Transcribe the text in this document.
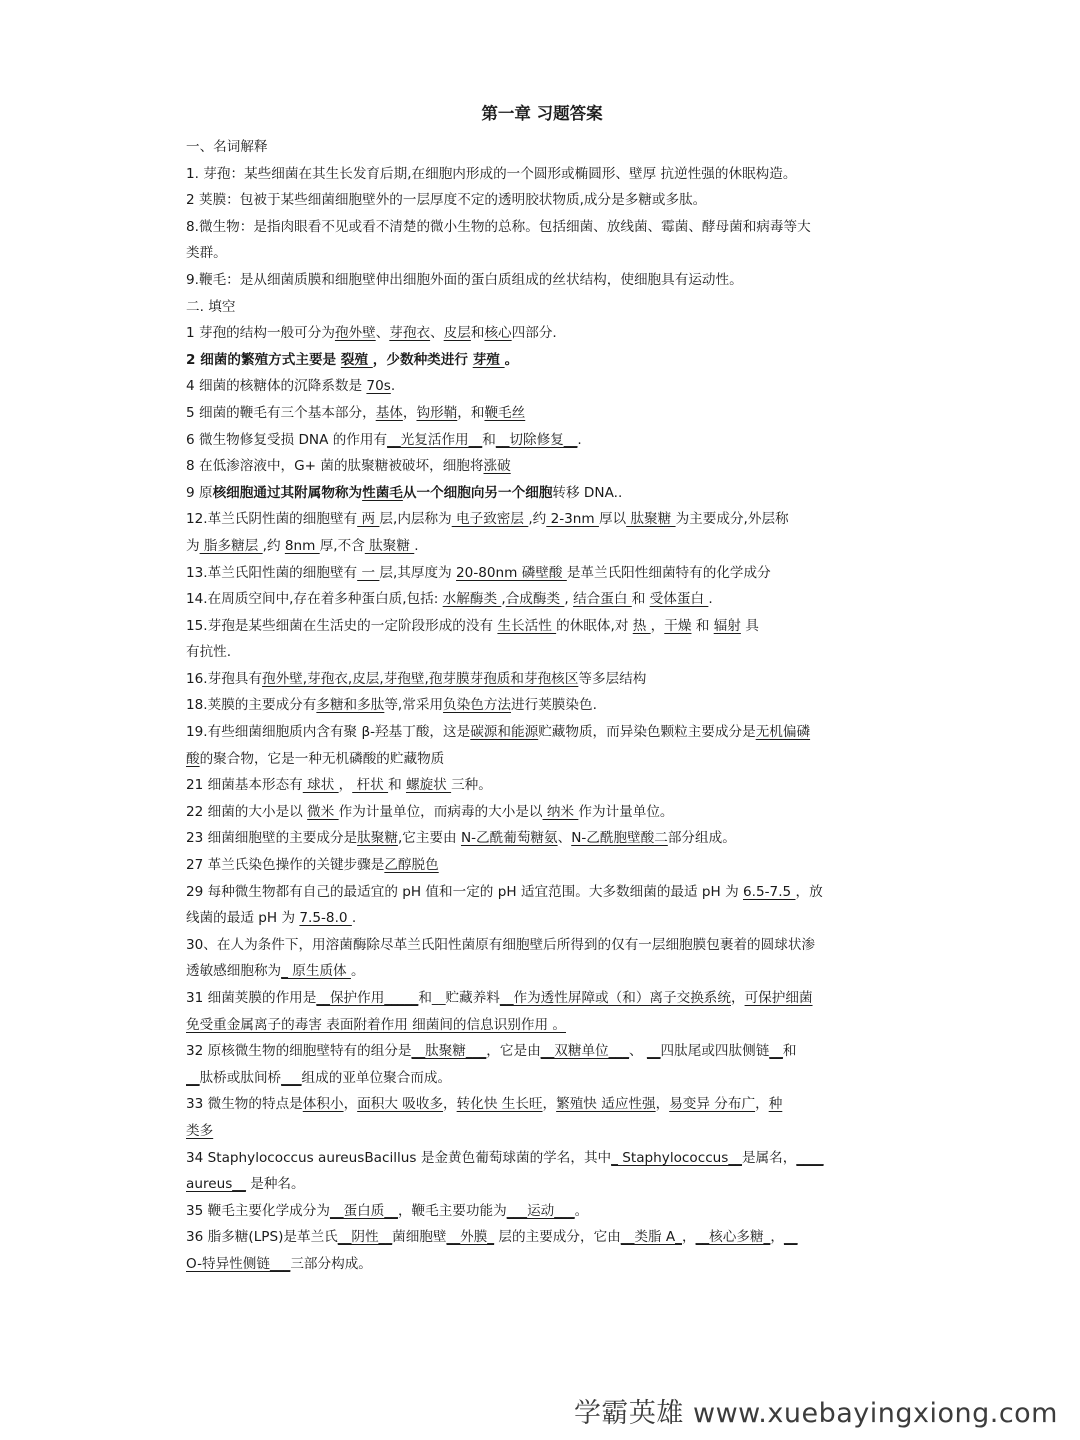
第一章 习题答案
一、名词解释
1. 芽孢：某些细菌在其生长发育后期,在细胞内形成的一个圆形或椭圆形、壁厚 抗逆性强的休眠构造。
2 荚膜：包被于某些细菌细胞壁外的一层厚度不定的透明胶状物质,成分是多糖或多肽。
8.微生物：是指肉眼看不见或看不清楚的微小生物的总称。包括细菌、放线菌、霉菌、酵母菌和病毒等大
类群。
9.鞭毛：是从细菌质膜和细胞壁伸出细胞外面的蛋白质组成的丝状结构，使细胞具有运动性。
二. 填空
1 芽孢的结构一般可分为孢外壁、芽孢衣、皮层和核心四部分.
2 细菌的繁殖方式主要是 裂殖 ，少数种类进行 芽殖 。
4 细菌的核糖体的沉降系数是 70s.
5 细菌的鞭毛有三个基本部分，基体，钩形鞘，和鞭毛丝
6 微生物修复受损 DNA 的作用有__光复活作用__和__切除修复__.
8 在低渗溶液中，G+ 菌的肽聚糖被破坏，细胞将涨破
9 原核细胞通过其附属物称为性菌毛从一个细胞向另一个细胞转移 DNA..
12.革兰氏阴性菌的细胞壁有 两 层,内层称为 电子致密层 ,约 2-3nm 厚以 肽聚糖 为主要成分,外层称
为 脂多糖层 ,约 8nm 厚,不含 肽聚糖 .
13.革兰氏阳性菌的细胞壁有 一 层,其厚度为 20-80nm 磷壁酸 是革兰氏阳性细菌特有的化学成分
14.在周质空间中,存在着多种蛋白质,包括: 水解酶类 ,合成酶类 , 结合蛋白 和 受体蛋白 .
15.芽孢是某些细菌在生活史的一定阶段形成的没有 生长活性 的休眠体,对 热 ，干燥 和 辐射 具
有抗性.
16.芽孢具有孢外壁,芽孢衣,皮层,芽孢壁,孢芽膜芽孢质和芽孢核区等多层结构
18.荚膜的主要成分有多糖和多肽等,常采用负染色方法进行荚膜染色.
19.有些细菌细胞质内含有聚 β-羟基丁酸，这是碳源和能源贮藏物质，而异染色颗粒主要成分是无机偏磷
酸的聚合物，它是一种无机磷酸的贮藏物质
21 细菌基本形态有 球状 ， 杆状 和 螺旋状 三种。
22 细菌的大小是以 微米 作为计量单位，而病毒的大小是以 纳米 作为计量单位。
23 细菌细胞壁的主要成分是肽聚糖,它主要由 N-乙酰葡萄糖氨、N-乙酰胞壁酸二部分组成。
27 革兰氏染色操作的关键步骤是乙醇脱色
29 每种微生物都有自己的最适宜的 pH 值和一定的 pH 适宜范围。大多数细菌的最适 pH 为 6.5-7.5 ，放
线菌的最适 pH 为 7.5-8.0 .
30、在人为条件下，用溶菌酶除尽革兰氏阳性菌原有细胞壁后所得到的仅有一层细胞膜包裹着的圆球状渗
透敏感细胞称为_ 原生质体 。
31 细菌荚膜的作用是__保护作用_____和__贮藏养料__作为透性屏障或（和）离子交换系统，可保护细菌
免受重金属离子的毒害 表面附着作用 细菌间的信息识别作用 。
32 原核微生物的细胞壁特有的组分是__肽聚糖___，它是由__双糖单位___、 __四肽尾或四肽侧链__和
__肽桥或肽间桥___组成的亚单位聚合而成。
33 微生物的特点是体积小，面积大 吸收多，转化快 生长旺，繁殖快 适应性强，易变异 分布广，种
类多
34 Staphylococcus aureusBacillus 是金黄色葡萄球菌的学名，其中_ Staphylococcus__是属名，____
aureus__ 是种名。
35 鞭毛主要化学成分为__蛋白质__，鞭毛主要功能为___运动___。
36 脂多糖(LPS)是革兰氏__阴性__菌细胞壁__外膜_ 层的主要成分，它由__类脂 A_，__核心多糖_，__
O-特异性侧链___三部分构成。
学霸英雄 www.xuebayingxiong.com
